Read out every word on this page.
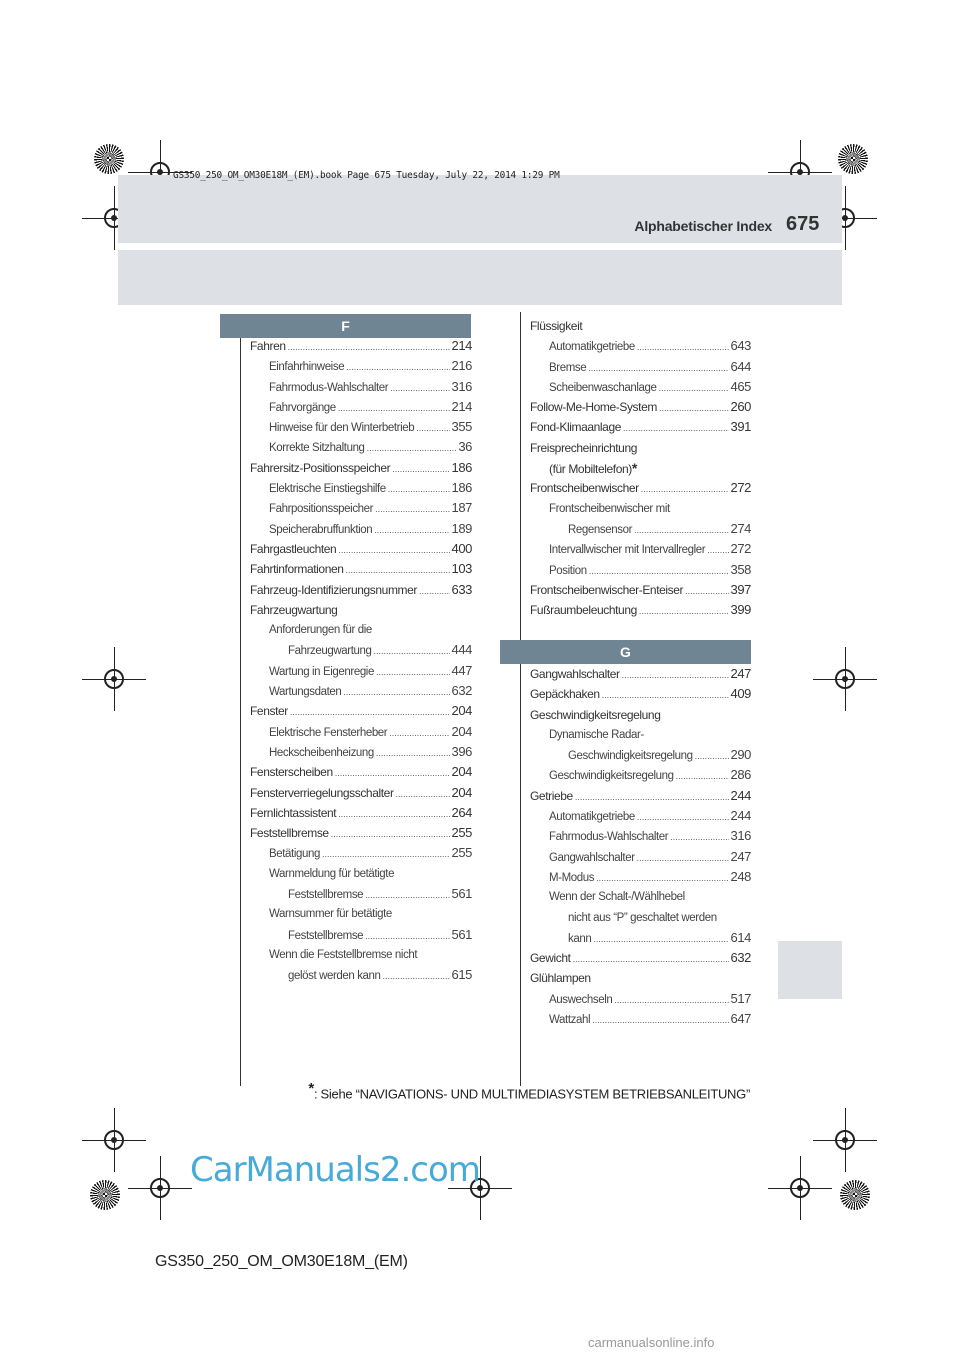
GS350_250_OM_OM30E18M_(EM).book Page 675 Tuesday, July 22, 2014 1:29 PM
Alphabetischer Index 675
F
Fahren .....	214
Einfahrhinweise .....	216
Fahrmodus-Wahlschalter .....	316
Fahrvorgänge .....	214
Hinweise für den Winterbetrieb .....	355
Korrekte Sitzhaltung .....	36
Fahrersitz-Positionsspeicher .....	186
Elektrische Einstiegshilfe .....	186
Fahrpositionsspeicher .....	187
Speicherabruffunktion .....	189
Fahrgastleuchten .....	400
Fahrtinformationen .....	103
Fahrzeug-Identifizierungsnummer .....	633
Fahrzeugwartung
Anforderungen für die
Fahrzeugwartung .....	444
Wartung in Eigenregie .....	447
Wartungsdaten .....	632
Fenster .....	204
Elektrische Fensterheber .....	204
Heckscheibenheizung .....	396
Fensterscheiben .....	204
Fensterverriegelungsschalter .....	204
Fernlichtassistent .....	264
Feststellbremse .....	255
Betätigung .....	255
Warnmeldung für betätigte
Feststellbremse .....	561
Warnsummer für betätigte
Feststellbremse .....	561
Wenn die Feststellbremse nicht
gelöst werden kann .....	615
Flüssigkeit
Automatikgetriebe .....	643
Bremse .....	644
Scheibenwaschanlage .....	465
Follow-Me-Home-System .....	260
Fond-Klimaanlage .....	391
Freisprecheinrichtung
(für Mobiltelefon) *
Frontscheibenwischer .....	272
Frontscheibenwischer mit
Regensensor .....	274
Intervallwischer mit Intervallregler ..... 272
Position .....	358
Frontscheibenwischer-Enteiser .....	397
Fußraumbeleuchtung .....	399
G
Gangwahlschalter .....	247
Gepäckhaken .....	409
Geschwindigkeitsregelung
Dynamische Radar-
Geschwindigkeitsregelung .....	290
Geschwindigkeitsregelung .....	286
Getriebe .....	244
Automatikgetriebe .....	244
Fahrmodus-Wahlschalter .....	316
Gangwahlschalter .....	247
M-Modus .....	248
Wenn der Schalt-/Wählhebel
nicht aus “P” geschaltet werden
kann .....	614
Gewicht .....	632
Glühlampen
Auswechseln .....	517
Wattzahl .....	647
*: Siehe “NAVIGATIONS- UND MULTIMEDIASYSTEM BETRIEBSANLEITUNG”
CarManuals2.com
GS350_250_OM_OM30E18M_(EM)
carmanualsonline.info
